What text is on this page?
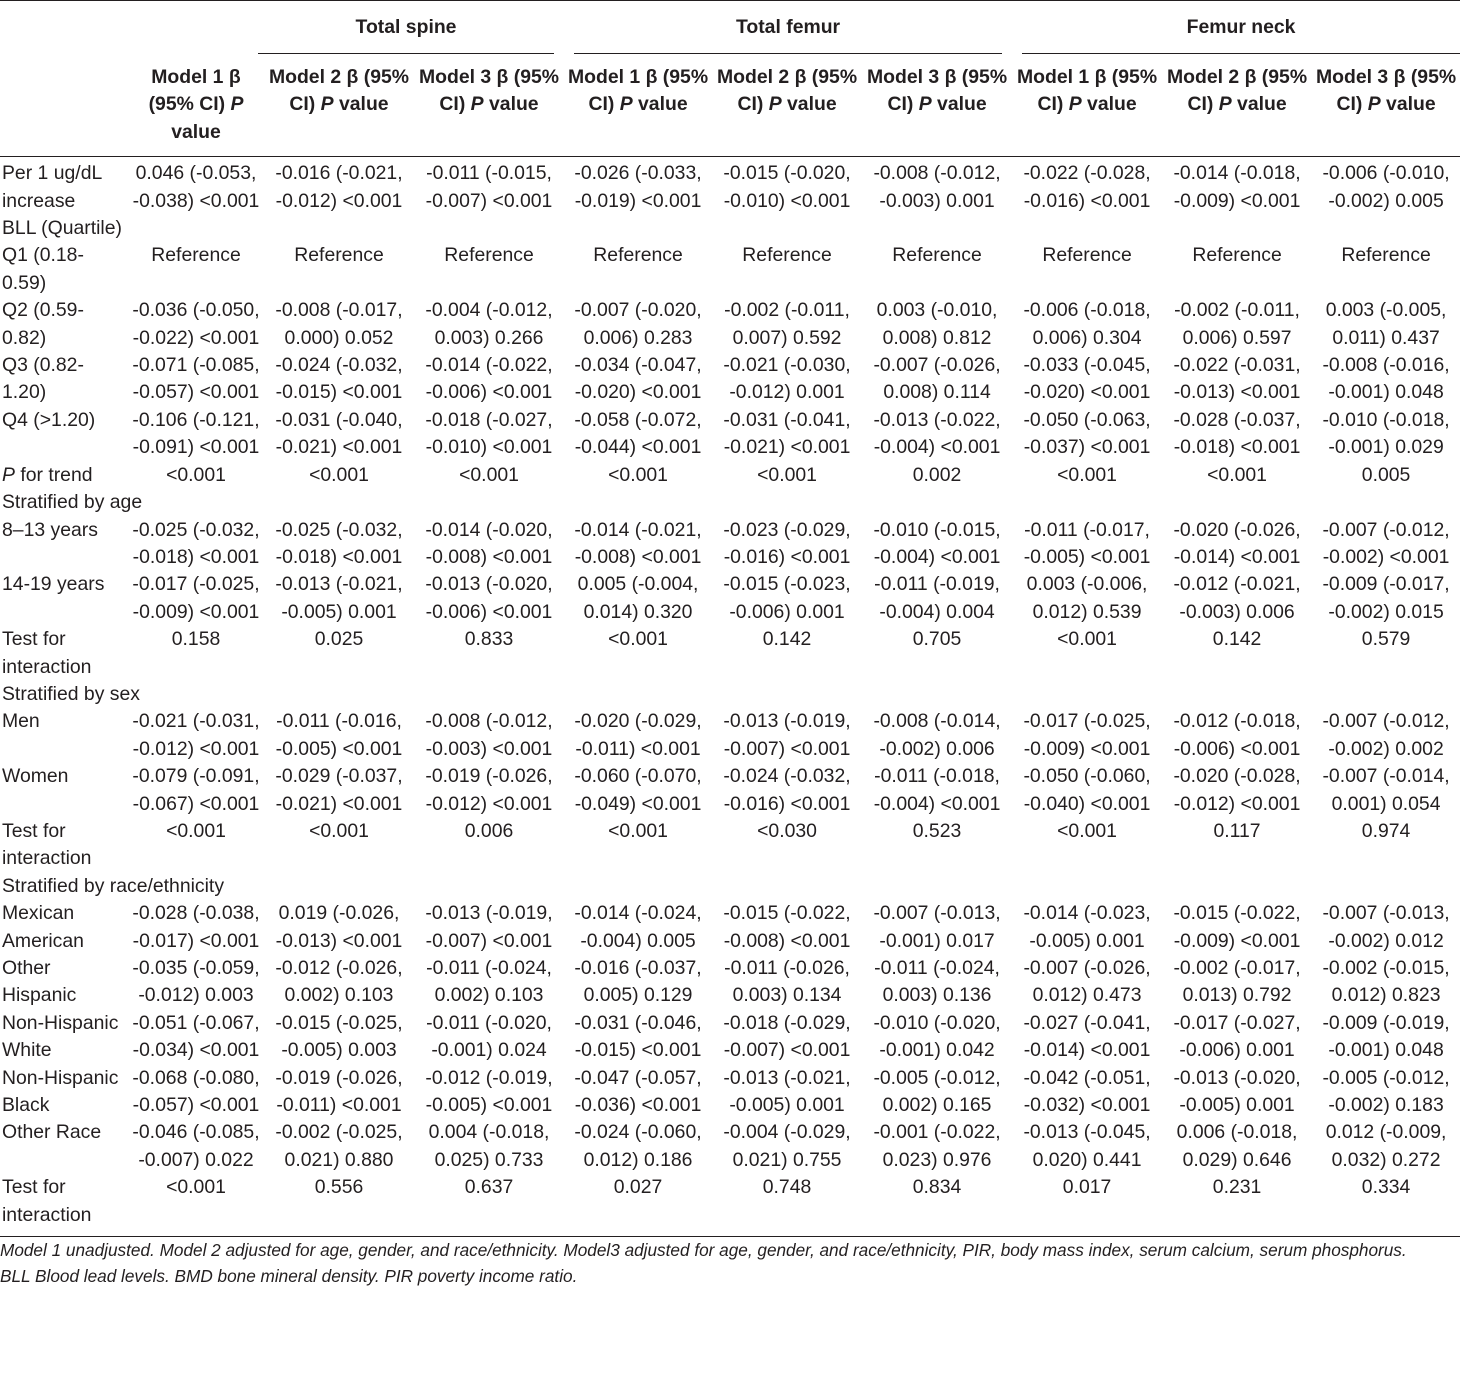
	Total spine			Total femur			Femur neck		

	Model 1 β (95% CI) P value	Model 2 β (95% CI) P value	Model 3 β (95% CI) P value	Model 1 β (95% CI) P value	Model 2 β (95% CI) P value	Model 3 β (95% CI) P value	Model 1 β (95% CI) P value	Model 2 β (95% CI) P value	Model 3 β (95% CI) P value
Per 1 ug/dL increase	0.046 (-0.053, -0.038) <0.001	-0.016 (-0.021, -0.012) <0.001	-0.011 (-0.015, -0.007) <0.001	-0.026 (-0.033, -0.019) <0.001	-0.015 (-0.020, -0.010) <0.001	-0.008 (-0.012, -0.003) 0.001	-0.022 (-0.028, -0.016) <0.001	-0.014 (-0.018, -0.009) <0.001	-0.006 (-0.010, -0.002) 0.005
BLL (Quartile)									
Q1 (0.18-0.59)	Reference	Reference	Reference	Reference	Reference	Reference	Reference	Reference	Reference
Q2 (0.59-0.82)	-0.036 (-0.050, -0.022) <0.001	-0.008 (-0.017, 0.000) 0.052	-0.004 (-0.012, 0.003) 0.266	-0.007 (-0.020, 0.006) 0.283	-0.002 (-0.011, 0.007) 0.592	0.003 (-0.010, 0.008) 0.812	-0.006 (-0.018, 0.006) 0.304	-0.002 (-0.011, 0.006) 0.597	0.003 (-0.005, 0.011) 0.437
Q3 (0.82-1.20)	-0.071 (-0.085, -0.057) <0.001	-0.024 (-0.032, -0.015) <0.001	-0.014 (-0.022, -0.006) <0.001	-0.034 (-0.047, -0.020) <0.001	-0.021 (-0.030, -0.012) 0.001	-0.007 (-0.026, 0.008) 0.114	-0.033 (-0.045, -0.020) <0.001	-0.022 (-0.031, -0.013) <0.001	-0.008 (-0.016, -0.001) 0.048
Q4 (>1.20)	-0.106 (-0.121, -0.091) <0.001	-0.031 (-0.040, -0.021) <0.001	-0.018 (-0.027, -0.010) <0.001	-0.058 (-0.072, -0.044) <0.001	-0.031 (-0.041, -0.021) <0.001	-0.013 (-0.022, -0.004) <0.001	-0.050 (-0.063, -0.037) <0.001	-0.028 (-0.037, -0.018) <0.001	-0.010 (-0.018, -0.001) 0.029
P for trend	<0.001	<0.001	<0.001	<0.001	<0.001	0.002	<0.001	<0.001	0.005
Stratified by age									
8–13 years	-0.025 (-0.032, -0.018) <0.001	-0.025 (-0.032, -0.018) <0.001	-0.014 (-0.020, -0.008) <0.001	-0.014 (-0.021, -0.008) <0.001	-0.023 (-0.029, -0.016) <0.001	-0.010 (-0.015, -0.004) <0.001	-0.011 (-0.017, -0.005) <0.001	-0.020 (-0.026, -0.014) <0.001	-0.007 (-0.012, -0.002) <0.001
14-19 years	-0.017 (-0.025, -0.009) <0.001	-0.013 (-0.021, -0.005) 0.001	-0.013 (-0.020, -0.006) <0.001	0.005 (-0.004, 0.014) 0.320	-0.015 (-0.023, -0.006) 0.001	-0.011 (-0.019, -0.004) 0.004	0.003 (-0.006, 0.012) 0.539	-0.012 (-0.021, -0.003) 0.006	-0.009 (-0.017, -0.002) 0.015
Test for interaction	0.158	0.025	0.833	<0.001	0.142	0.705	<0.001	0.142	0.579
Stratified by sex									
Men	-0.021 (-0.031, -0.012) <0.001	-0.011 (-0.016, -0.005) <0.001	-0.008 (-0.012, -0.003) <0.001	-0.020 (-0.029, -0.011) <0.001	-0.013 (-0.019, -0.007) <0.001	-0.008 (-0.014, -0.002) 0.006	-0.017 (-0.025, -0.009) <0.001	-0.012 (-0.018, -0.006) <0.001	-0.007 (-0.012, -0.002) 0.002
Women	-0.079 (-0.091, -0.067) <0.001	-0.029 (-0.037, -0.021) <0.001	-0.019 (-0.026, -0.012) <0.001	-0.060 (-0.070, -0.049) <0.001	-0.024 (-0.032, -0.016) <0.001	-0.011 (-0.018, -0.004) <0.001	-0.050 (-0.060, -0.040) <0.001	-0.020 (-0.028, -0.012) <0.001	-0.007 (-0.014, 0.001) 0.054
Test for interaction	<0.001	<0.001	0.006	<0.001	<0.030	0.523	<0.001	0.117	0.974
Stratified by race/ethnicity									
Mexican American	-0.028 (-0.038, -0.017) <0.001	0.019 (-0.026, -0.013) <0.001	-0.013 (-0.019, -0.007) <0.001	-0.014 (-0.024, -0.004) 0.005	-0.015 (-0.022, -0.008) <0.001	-0.007 (-0.013, -0.001) 0.017	-0.014 (-0.023, -0.005) 0.001	-0.015 (-0.022, -0.009) <0.001	-0.007 (-0.013, -0.002) 0.012
Other Hispanic	-0.035 (-0.059, -0.012) 0.003	-0.012 (-0.026, 0.002) 0.103	-0.011 (-0.024, 0.002) 0.103	-0.016 (-0.037, 0.005) 0.129	-0.011 (-0.026, 0.003) 0.134	-0.011 (-0.024, 0.003) 0.136	-0.007 (-0.026, 0.012) 0.473	-0.002 (-0.017, 0.013) 0.792	-0.002 (-0.015, 0.012) 0.823
Non-Hispanic White	-0.051 (-0.067, -0.034) <0.001	-0.015 (-0.025, -0.005) 0.003	-0.011 (-0.020, -0.001) 0.024	-0.031 (-0.046, -0.015) <0.001	-0.018 (-0.029, -0.007) <0.001	-0.010 (-0.020, -0.001) 0.042	-0.027 (-0.041, -0.014) <0.001	-0.017 (-0.027, -0.006) 0.001	-0.009 (-0.019, -0.001) 0.048
Non-Hispanic Black	-0.068 (-0.080, -0.057) <0.001	-0.019 (-0.026, -0.011) <0.001	-0.012 (-0.019, -0.005) <0.001	-0.047 (-0.057, -0.036) <0.001	-0.013 (-0.021, -0.005) 0.001	-0.005 (-0.012, 0.002) 0.165	-0.042 (-0.051, -0.032) <0.001	-0.013 (-0.020, -0.005) 0.001	-0.005 (-0.012, -0.002) 0.183
Other Race	-0.046 (-0.085, -0.007) 0.022	-0.002 (-0.025, 0.021) 0.880	0.004 (-0.018, 0.025) 0.733	-0.024 (-0.060, 0.012) 0.186	-0.004 (-0.029, 0.021) 0.755	-0.001 (-0.022, 0.023) 0.976	-0.013 (-0.045, 0.020) 0.441	0.006 (-0.018, 0.029) 0.646	0.012 (-0.009, 0.032) 0.272
Test for interaction	<0.001	0.556	0.637	0.027	0.748	0.834	0.017	0.231	0.334

Model 1 unadjusted. Model 2 adjusted for age, gender, and race/ethnicity. Model3 adjusted for age, gender, and race/ethnicity, PIR, body mass index, serum calcium, serum phosphorus.
BLL Blood lead levels. BMD bone mineral density. PIR poverty income ratio.									
